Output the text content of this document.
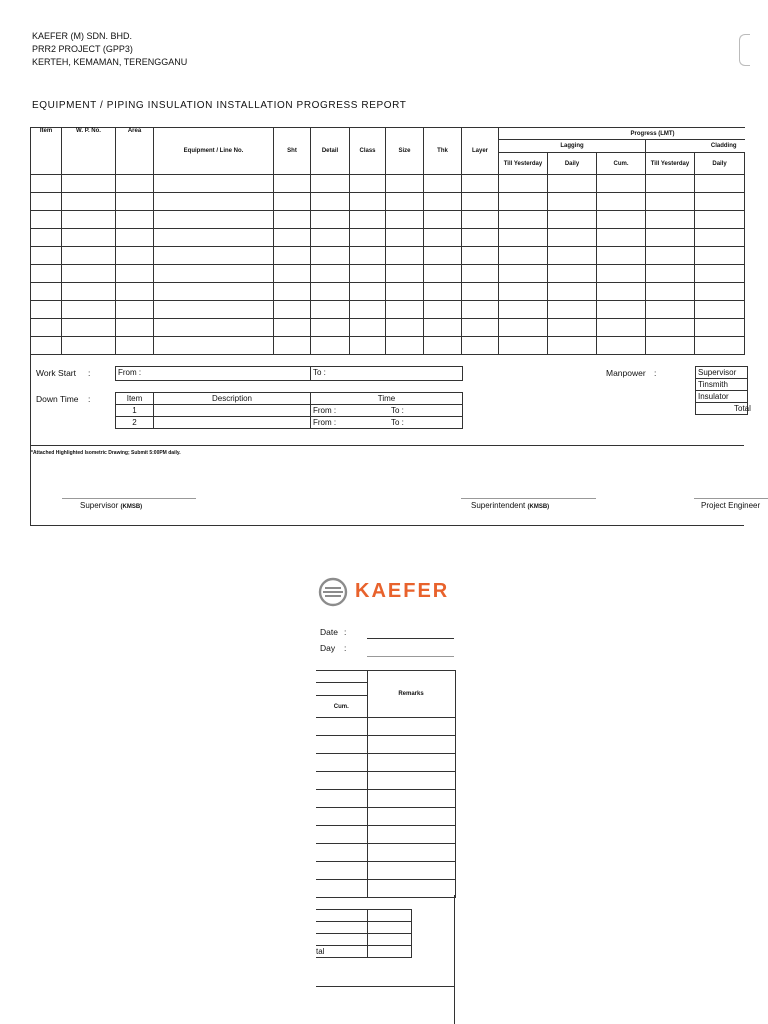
KAEFER (M) SDN. BHD.
PRR2 PROJECT (GPP3)
KERTEH, KEMAMAN, TERENGGANU
EQUIPMENT / PIPING INSULATION INSTALLATION PROGRESS REPORT
Item	W. P. No.	Area	Equipment / Line No.	Sht	Detail	Class	Size	Thk	Layer	Progress (LMT)				
										Lagging			Cladding	
										Till Yesterday	Daily	Cum.	Till Yesterday	Daily

Work Start :	From :	To :
Down Time :	Item	Description	Time
1		From : To :
2		From : To :
Manpower :	Supervisor
Tinsmith
Insulator
Total
*Attached Highlighted Isometric Drawing; Submit 5:00PM daily.
Supervisor (KMSB)	Superintendent (KMSB)	Project Engineer
KAEFER
Date :
Day :
	Remarks

Cum.	

tal	
